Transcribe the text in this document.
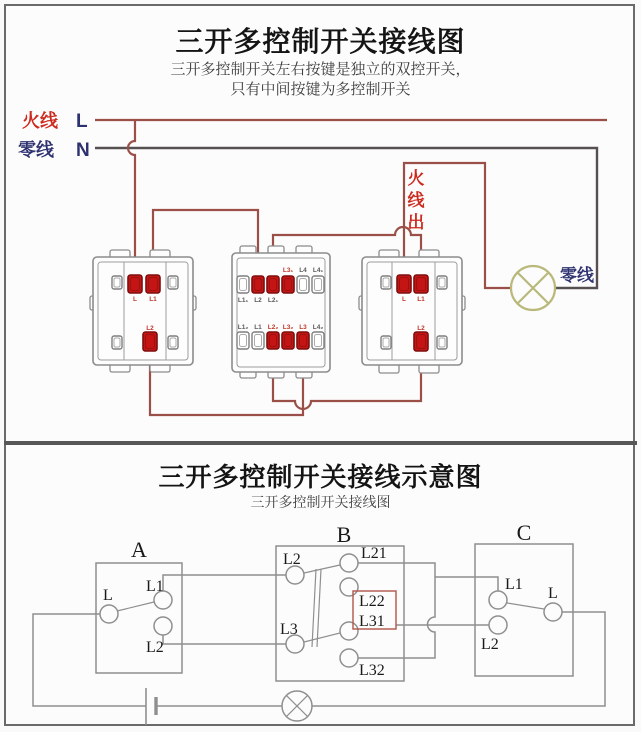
三开多控制开关接线图
三开多控制开关左右按键是独立的双控开关，
只有中间按键为多控制开关
火线 L
零线 N
火
线
出
L L1
L2
L3₁ L4 L4₁
L1₁ L2 L2₁
L1₂ L1 L2₂ L3₂ L3 L4₂
L L1
L2
零线
三开多控制开关接线示意图
三开多控制开关接线图
A
L
L1
L2
B
L2
L3
L21
L22
L31
L32
C
L1
L
L2
